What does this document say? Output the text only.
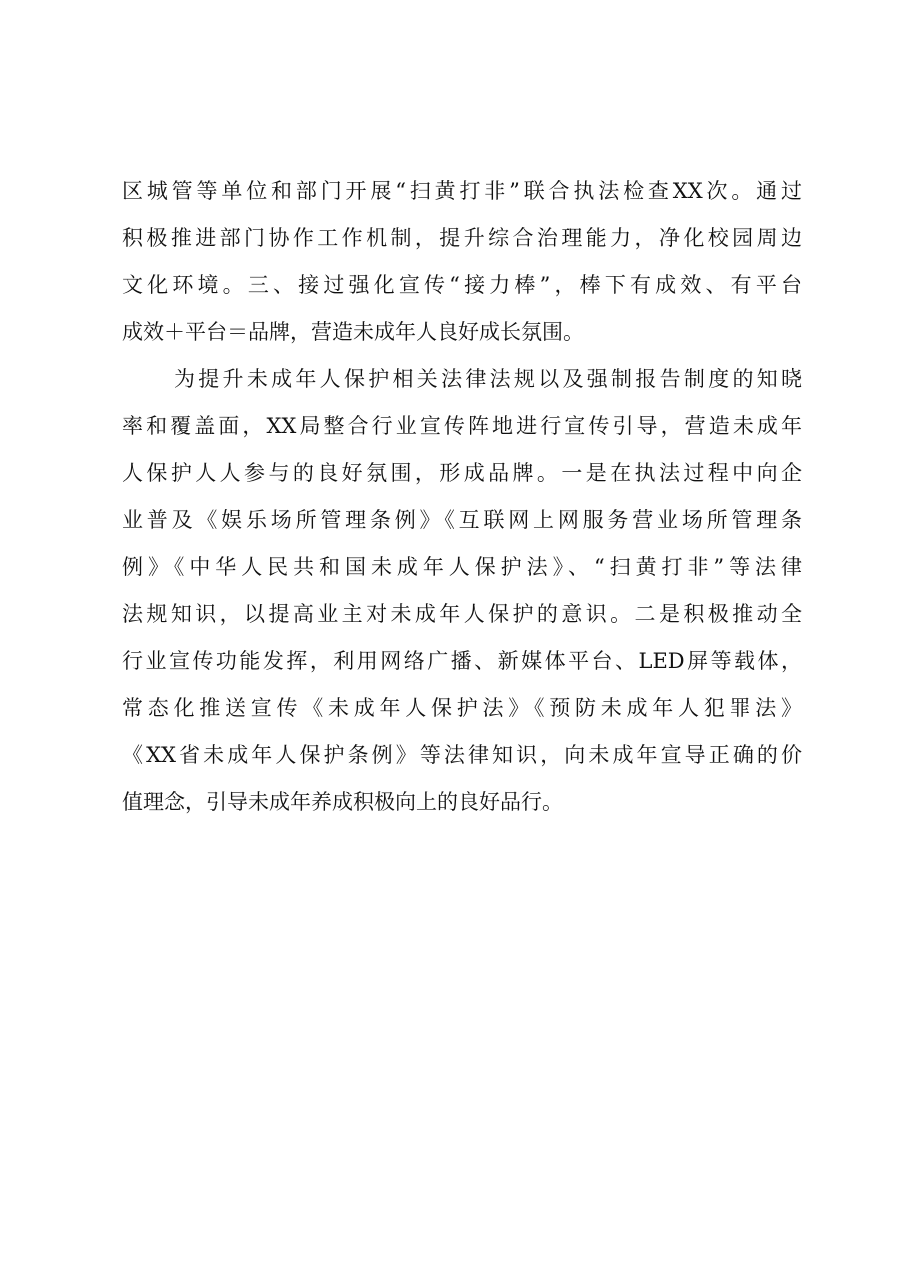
区城管等单位和部门开展“扫黄打非”联合执法检查XX次。通过
积极推进部门协作工作机制，提升综合治理能力，净化校园周边
文化环境。三、接过强化宣传“接力棒”，棒下有成效、有平台
成效＋平台＝品牌，营造未成年人良好成长氛围。
为提升未成年人保护相关法律法规以及强制报告制度的知晓
率和覆盖面，XX局整合行业宣传阵地进行宣传引导，营造未成年
人保护人人参与的良好氛围，形成品牌。一是在执法过程中向企
业普及《娱乐场所管理条例》《互联网上网服务营业场所管理条
例》《中华人民共和国未成年人保护法》、“扫黄打非”等法律
法规知识，以提高业主对未成年人保护的意识。二是积极推动全
行业宣传功能发挥，利用网络广播、新媒体平台、LED屏等载体，
常态化推送宣传《未成年人保护法》《预防未成年人犯罪法》
《XX省未成年人保护条例》等法律知识，向未成年宣导正确的价
值理念，引导未成年养成积极向上的良好品行。
